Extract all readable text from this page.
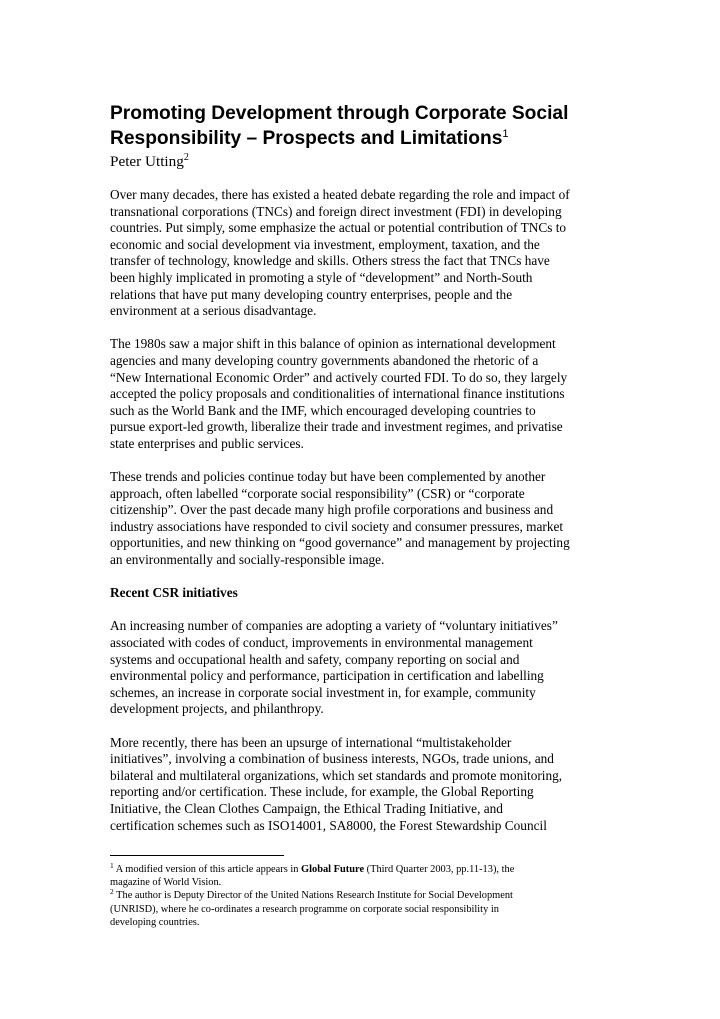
Promoting Development through Corporate Social
Responsibility – Prospects and Limitations$^1$
Peter Utting$^2$
Over many decades, there has existed a heated debate regarding the role and impact of
transnational corporations (TNCs) and foreign direct investment (FDI) in developing
countries. Put simply, some emphasize the actual or potential contribution of TNCs to
economic and social development via investment, employment, taxation, and the
transfer of technology, knowledge and skills. Others stress the fact that TNCs have
been highly implicated in promoting a style of “development” and North-South
relations that have put many developing country enterprises, people and the
environment at a serious disadvantage.
The 1980s saw a major shift in this balance of opinion as international development
agencies and many developing country governments abandoned the rhetoric of a
“New International Economic Order” and actively courted FDI. To do so, they largely
accepted the policy proposals and conditionalities of international finance institutions
such as the World Bank and the IMF, which encouraged developing countries to
pursue export-led growth, liberalize their trade and investment regimes, and privatise
state enterprises and public services.
These trends and policies continue today but have been complemented by another
approach, often labelled “corporate social responsibility” (CSR) or “corporate
citizenship”. Over the past decade many high profile corporations and business and
industry associations have responded to civil society and consumer pressures, market
opportunities, and new thinking on “good governance” and management by projecting
an environmentally and socially-responsible image.
Recent CSR initiatives
An increasing number of companies are adopting a variety of “voluntary initiatives”
associated with codes of conduct, improvements in environmental management
systems and occupational health and safety, company reporting on social and
environmental policy and performance, participation in certification and labelling
schemes, an increase in corporate social investment in, for example, community
development projects, and philanthropy.
More recently, there has been an upsurge of international “multistakeholder
initiatives”, involving a combination of business interests, NGOs, trade unions, and
bilateral and multilateral organizations, which set standards and promote monitoring,
reporting and/or certification. These include, for example, the Global Reporting
Initiative, the Clean Clothes Campaign, the Ethical Trading Initiative, and
certification schemes such as ISO14001, SA8000, the Forest Stewardship Council
$^1$ A modified version of this article appears in Global Future (Third Quarter 2003, pp.11-13), the
magazine of World Vision.
$^2$ The author is Deputy Director of the United Nations Research Institute for Social Development
(UNRISD), where he co-ordinates a research programme on corporate social responsibility in
developing countries.
